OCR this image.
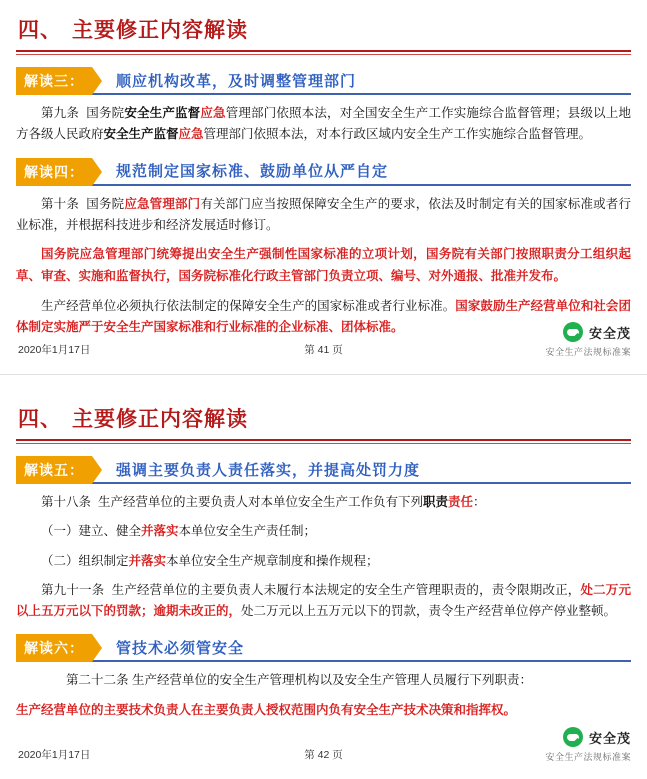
四、 主要修正内容解读
解读三：	顺应机构改革，及时调整管理部门

第九条  国务院安全生产监督应急管理部门依照本法，对全国安全生产工作实施综合监督管理；县级以上地方各级人民政府安全生产监督应急管理部门依照本法，对本行政区域内安全生产工作实施综合监督管理。

解读四：	规范制定国家标准、鼓励单位从严自定

第十条  国务院应急管理部门有关部门应当按照保障安全生产的要求，依法及时制定有关的国家标准或者行业标准，并根据科技进步和经济发展适时修订。

国务院应急管理部门统筹提出安全生产强制性国家标准的立项计划，国务院有关部门按照职责分工组织起草、审查、实施和监督执行，国务院标准化行政主管部门负责立项、编号、对外通报、批准并发布。

生产经营单位必须执行依法制定的保障安全生产的国家标准或者行业标准。国家鼓励生产经营单位和社会团体制定实施严于安全生产国家标准和行业标准的企业标准、团体标准。

2020年1月17日	第 41 页
安全茂
安全生产法规标准案
四、 主要修正内容解读
解读五：	强调主要负责人责任落实，并提高处罚力度

第十八条  生产经营单位的主要负责人对本单位安全生产工作负有下列职责责任：

（一）建立、健全并落实本单位安全生产责任制；

（二）组织制定并落实本单位安全生产规章制度和操作规程；

第九十一条  生产经营单位的主要负责人未履行本法规定的安全生产管理职责的，责令限期改正，处二万元以上五万元以下的罚款；逾期未改正的，处二万元以上五万元以下的罚款，责令生产经营单位停产停业整顿。

解读六：	管技术必须管安全

　　第二十二条 生产经营单位的安全生产管理机构以及安全生产管理人员履行下列职责：

生产经营单位的主要技术负责人在主要负责人授权范围内负有安全生产技术决策和指挥权。

2020年1月17日	第 42 页
安全茂
安全生产法规标准案
